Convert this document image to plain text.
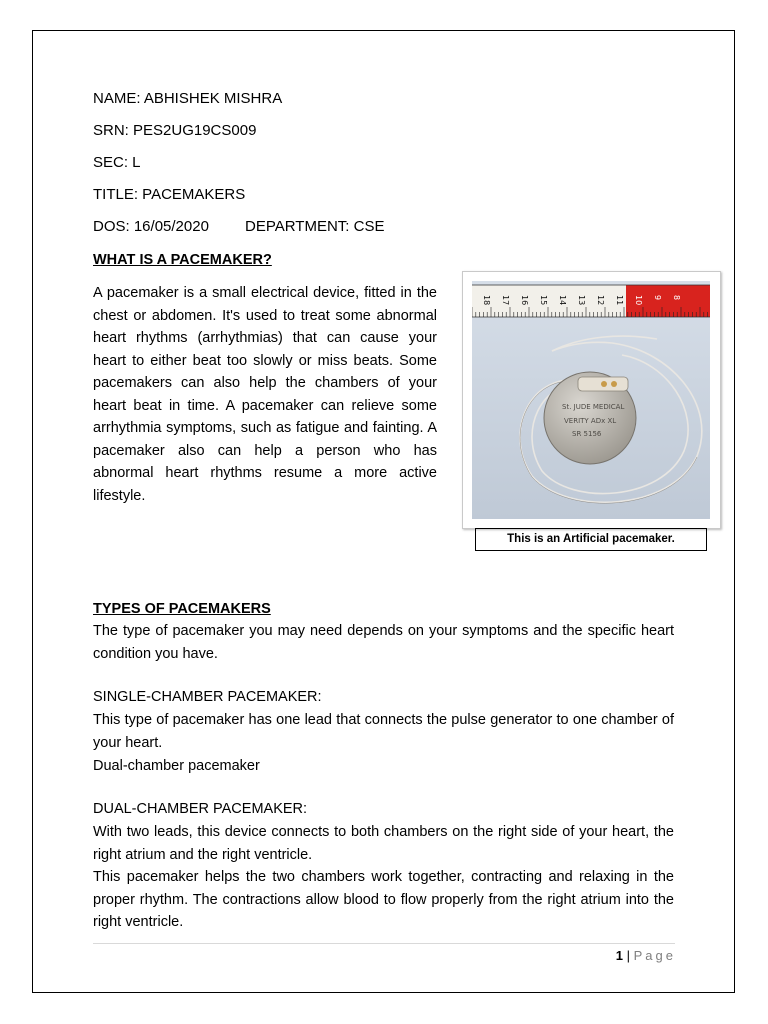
NAME: ABHISHEK MISHRA
SRN: PES2UG19CS009
SEC: L
TITLE: PACEMAKERS
DOS: 16/05/2020 DEPARTMENT: CSE
WHAT IS A PACEMAKER?
A pacemaker is a small electrical device, fitted in the chest or abdomen. It's used to treat some abnormal heart rhythms (arrhythmias) that can cause your heart to either beat too slowly or miss beats. Some pacemakers can also help the chambers of your heart beat in time. A pacemaker can relieve some arrhythmia symptoms, such as fatigue and fainting. A pacemaker also can help a person who has abnormal heart rhythms resume a more active lifestyle.
18 17 16 15 14 13 12 11 10 9 8
St. JUDE MEDICAL
VERITY ADx XL
SR 5156
This is an Artificial pacemaker.
TYPES OF PACEMAKERS
The type of pacemaker you may need depends on your symptoms and the specific heart condition you have.
SINGLE-CHAMBER PACEMAKER:
This type of pacemaker has one lead that connects the pulse generator to one chamber of your heart.
Dual-chamber pacemaker
DUAL-CHAMBER PACEMAKER:
With two leads, this device connects to both chambers on the right side of your heart, the right atrium and the right ventricle.
This pacemaker helps the two chambers work together, contracting and relaxing in the proper rhythm. The contractions allow blood to flow properly from the right atrium into the right ventricle.
1 | Page
